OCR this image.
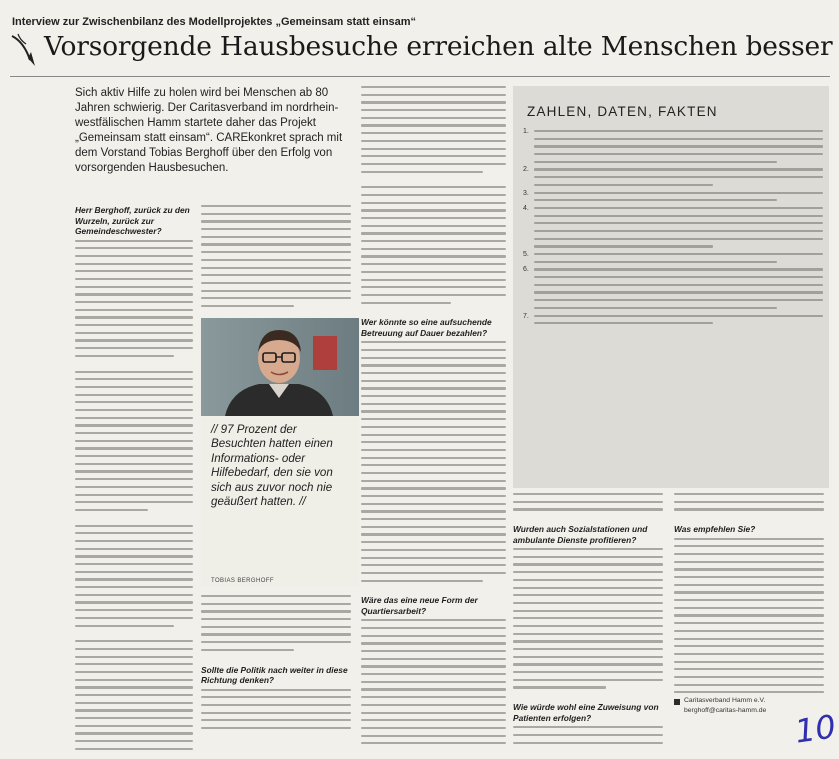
Interview zur Zwischenbilanz des Modellprojektes „Gemeinsam statt einsam“
Vorsorgende Hausbesuche erreichen alte Menschen besser
Sich aktiv Hilfe zu holen wird bei Menschen ab 80 Jahren schwierig. Der Caritasverband im nordrhein-westfälischen Hamm startete daher das Projekt „Gemeinsam statt einsam“. CAREkonkret sprach mit dem Vorstand Tobias Berghoff über den Erfolg von vorsorgenden Hausbesuchen.
Herr Berghoff, zurück zu den Wurzeln, zurück zur Gemeindeschwester?
// 97 Prozent der Besuchten hatten einen Informations- oder Hilfebedarf, den sie von sich aus zuvor noch nie geäußert hatten. //
TOBIAS BERGHOFF
Sollte die Politik nach weiter in diese Richtung denken?
Wer könnte so eine aufsuchende Betreuung auf Dauer bezahlen?
Wäre das eine neue Form der Quartiersarbeit?
ZAHLEN, DATEN, FAKTEN
1.
2.
3.
4.
5.
6.
7.
Wurden auch Sozialstationen und ambulante Dienste profitieren?
Wie würde wohl eine Zuweisung von Patienten erfolgen?
Was empfehlen Sie?
Caritasverband Hamm e.V.
berghoff@caritas-hamm.de 10
